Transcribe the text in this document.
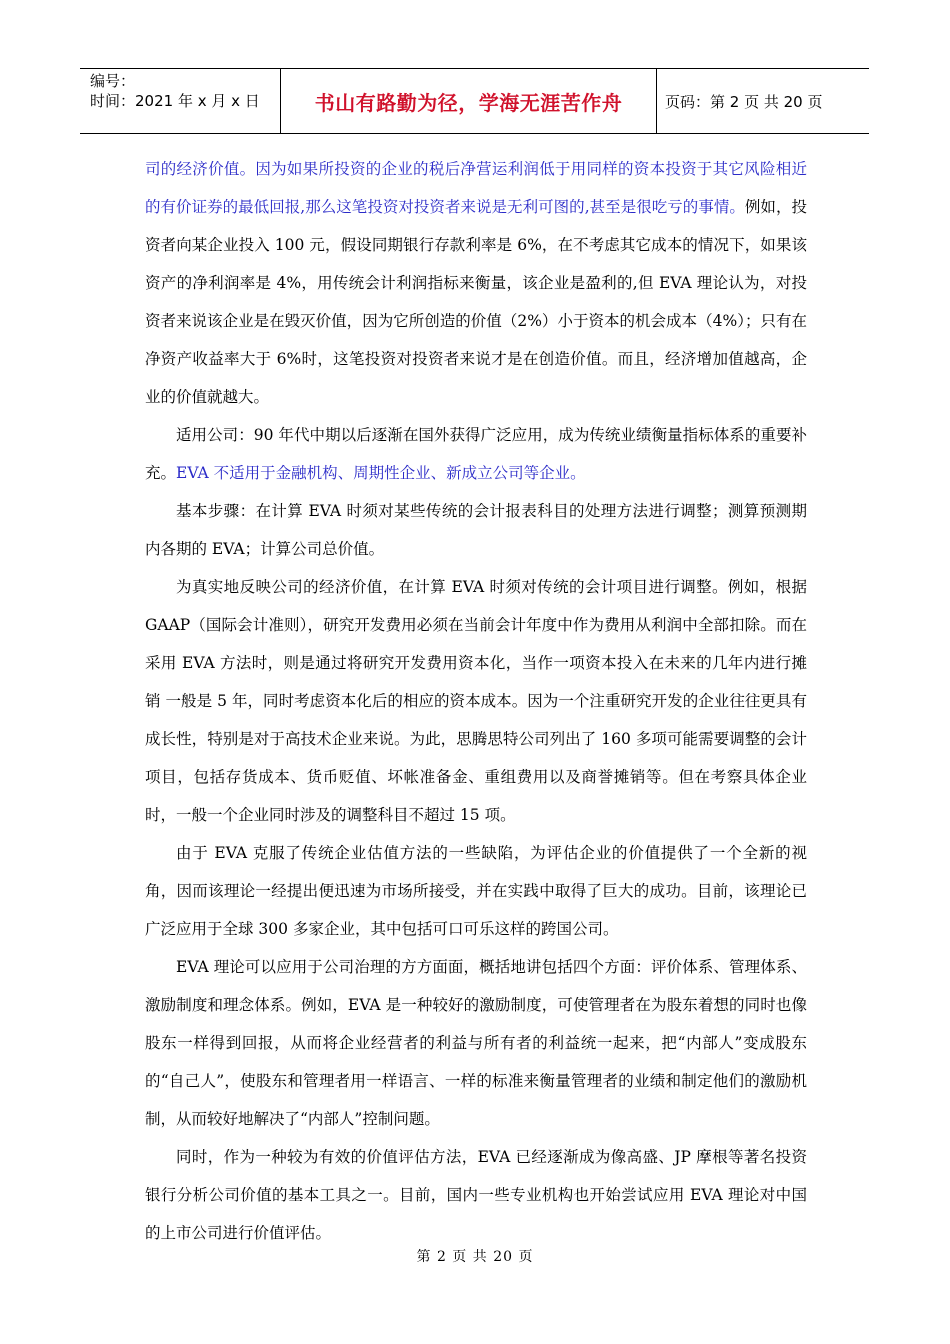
编号：
时间：2021 年 x 月 x 日	书山有路勤为径，学海无涯苦作舟	页码：第 2 页 共 20 页

司的经济价值。因为如果所投资的企业的税后净营运利润低于用同样的资本投资于其它风险相近的有价证券的最低回报,那么这笔投资对投资者来说是无利可图的,甚至是很吃亏的事情。例如，投资者向某企业投入 100 元，假设同期银行存款利率是 6%，在不考虑其它成本的情况下，如果该资产的净利润率是 4%，用传统会计利润指标来衡量，该企业是盈利的,但 EVA 理论认为，对投资者来说该企业是在毁灭价值，因为它所创造的价值（2%）小于资本的机会成本（4%）；只有在净资产收益率大于 6%时，这笔投资对投资者来说才是在创造价值。而且，经济增加值越高，企业的价值就越大。

适用公司：90 年代中期以后逐渐在国外获得广泛应用，成为传统业绩衡量指标体系的重要补充。EVA 不适用于金融机构、周期性企业、新成立公司等企业。

基本步骤：在计算 EVA 时须对某些传统的会计报表科目的处理方法进行调整；测算预测期内各期的 EVA；计算公司总价值。

为真实地反映公司的经济价值，在计算 EVA 时须对传统的会计项目进行调整。例如，根据 GAAP（国际会计准则），研究开发费用必须在当前会计年度中作为费用从利润中全部扣除。而在采用 EVA 方法时，则是通过将研究开发费用资本化，当作一项资本投入在未来的几年内进行摊销 一般是 5 年，同时考虑资本化后的相应的资本成本。因为一个注重研究开发的企业往往更具有成长性，特别是对于高技术企业来说。为此，思腾思特公司列出了 160 多项可能需要调整的会计项目，包括存货成本、货币贬值、坏帐准备金、重组费用以及商誉摊销等。但在考察具体企业时，一般一个企业同时涉及的调整科目不超过 15 项。

由于 EVA 克服了传统企业估值方法的一些缺陷，为评估企业的价值提供了一个全新的视角，因而该理论一经提出便迅速为市场所接受，并在实践中取得了巨大的成功。目前，该理论已广泛应用于全球 300 多家企业，其中包括可口可乐这样的跨国公司。

EVA 理论可以应用于公司治理的方方面面，概括地讲包括四个方面：评价体系、管理体系、激励制度和理念体系。例如，EVA 是一种较好的激励制度，可使管理者在为股东着想的同时也像股东一样得到回报，从而将企业经营者的利益与所有者的利益统一起来，把“内部人”变成股东的“自己人”，使股东和管理者用一样语言、一样的标准来衡量管理者的业绩和制定他们的激励机制，从而较好地解决了“内部人”控制问题。

同时，作为一种较为有效的价值评估方法，EVA 已经逐渐成为像高盛、JP 摩根等著名投资银行分析公司价值的基本工具之一。目前，国内一些专业机构也开始尝试应用 EVA 理论对中国的上市公司进行价值评估。

第 2 页 共 20 页
